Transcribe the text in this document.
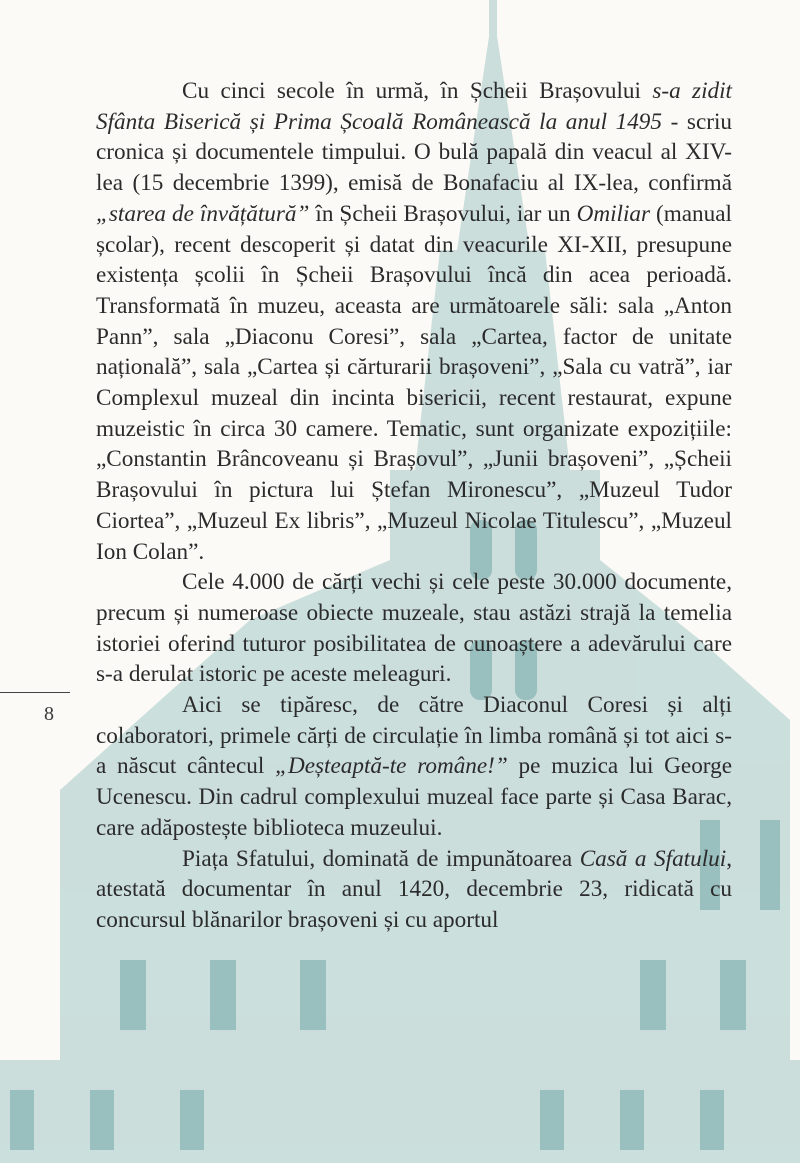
8

Cu cinci secole în urmă, în Șcheii Brașovului s-a zidit Sfânta Biserică și Prima Școală Românească la anul 1495 - scriu cronica și documentele timpului. O bulă papală din veacul al XIV-lea (15 decembrie 1399), emisă de Bonafaciu al IX-lea, confirmă „starea de învățătură” în Șcheii Brașovului, iar un Omiliar (manual școlar), recent descoperit și datat din veacurile XI-XII, presupune existența școlii în Șcheii Brașovului încă din acea perioadă. Transformată în muzeu, aceasta are următoarele săli: sala „Anton Pann”, sala „Diaconu Coresi”, sala „Cartea, factor de unitate națională”, sala „Cartea și cărturarii brașoveni”, „Sala cu vatră”, iar Complexul muzeal din incinta bisericii, recent restaurat, expune muzeistic în circa 30 camere. Tematic, sunt organizate expozițiile: „Constantin Brâncoveanu și Brașovul”, „Junii brașoveni”, „Șcheii Brașovului în pictura lui Ștefan Mironescu”, „Muzeul Tudor Ciortea”, „Muzeul Ex libris”, „Muzeul Nicolae Titulescu”, „Muzeul Ion Colan”.

Cele 4.000 de cărți vechi și cele peste 30.000 documente, precum și numeroase obiecte muzeale, stau astăzi strajă la temelia istoriei oferind tuturor posibilitatea de cunoaștere a adevărului care s-a derulat istoric pe aceste meleaguri.

Aici se tipăresc, de către Diaconul Coresi și alți colaboratori, primele cărți de circulație în limba română și tot aici s-a născut cântecul „Deșteaptă-te române!” pe muzica lui George Ucenescu. Din cadrul complexului muzeal face parte și Casa Barac, care adăpostește biblioteca muzeului.

Piața Sfatului, dominată de impunătoarea Casă a Sfatului, atestată documentar în anul 1420, decembrie 23, ridicată cu concursul blănarilor brașoveni și cu aportul
